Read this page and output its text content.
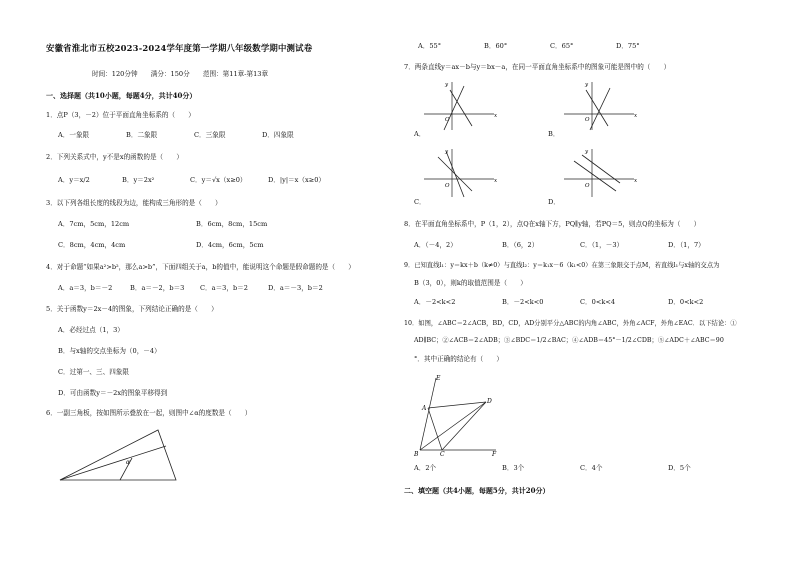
安徽省淮北市五校2023-2024学年度第一学期八年级数学期中测试卷
时间：120分钟　　满分：150分　　范围：第11章-第13章
一、选择题（共10小题，每题4分，共计40分）
1．点P（3，－2）位于平面直角坐标系的（　　）
A．一象限	B．二象限	C．三象限	D．四象限
2．下列关系式中，y不是x的函数的是（　　）
A．y＝x/2	B．y＝2x²	C．y＝√x（x≥0）	D．|y|＝x（x≥0）
3．以下列各组长度的线段为边，能构成三角形的是（　　）
A．7cm，5cm，12cm	B．6cm，8cm，15cm
C．8cm，4cm，4cm	D．4cm，6cm，5cm
4．对于命题“如果a²>b²，那么a>b”，下面四组关于a，b的值中，能说明这个命题是假命题的是（　　）
A．a＝3，b＝－2	B．a＝－2，b＝3 C．a＝3，b＝2	D．a＝－3，b＝2
5．关于函数y＝2x－4的图象，下列结论正确的是（　　）
A．必经过点（1，3）
B．与x轴的交点坐标为（0，－4）
C．过第一、三、四象限
D．可由函数y＝－2x的图象平移得到
6．一副三角板，按如图所示叠放在一起，则图中∠α的度数是（　　）
α
A．55°	B．60°	C．65°	D．75°
7．两条直线y＝ax－b与y＝bx－a，在同一平面直角坐标系中的图象可能是图中的（　　）
y
x
O
A．
y
x
O
B．
y
x
O
C．
y
x
O
D．
8．在平面直角坐标系中，P（1，2），点Q在x轴下方，PQ∥y轴，若PQ＝5，则点Q的坐标为（　　）
A．（－4，2）	B．（6，2）	C．（1，－3）	D．（1，7）
9．已知直线l₁：y＝kx＋b（k≠0）与直线l₂：y＝k₁x－6（k₁<0）在第三象限交于点M，若直线l₁与x轴的交点为
B（3，0），则k的取值范围是（　　）
A．－2<k<2	B．－2<k<0	C．0<k<4	D．0<k<2
10．如图，∠ABC＝2∠ACB，BD，CD，AD分别平分△ABC的内角∠ABC，外角∠ACF，外角∠EAC．以下结论：①
AD∥BC；②∠ACB＝2∠ADB；③∠BDC＝1/2∠BAC；④∠ADB＝45°－1/2∠CDB；⑤∠ADC＋∠ABC＝90
°．其中正确的结论有（　　）
E
A
D
B	C	F
A．2个	B．3个	C．4个	D．5个
二、填空题（共4小题，每题5分，共计20分）
